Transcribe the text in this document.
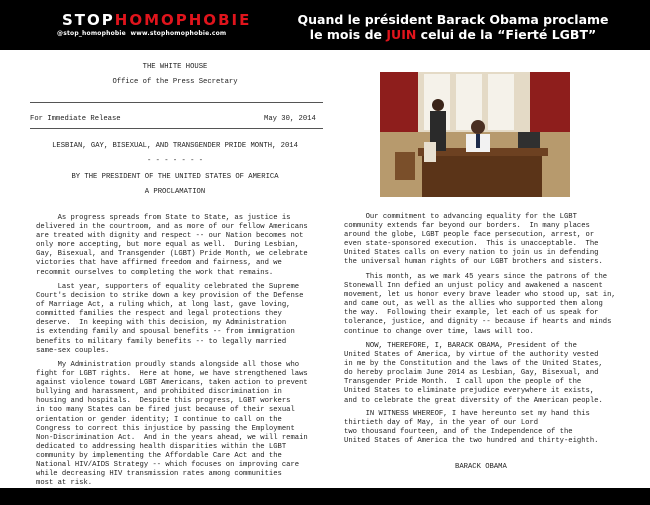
STOPHOMOPHOBIE
@stop_homophobie www.stophomophobie.com
Quand le président Barack Obama proclame le mois de JUIN celui de la “Fierté LGBT”
THE WHITE HOUSE
Office of the Press Secretary
For Immediate Release	May 30, 2014
LESBIAN, GAY, BISEXUAL, AND TRANSGENDER PRIDE MONTH, 2014
- - - - - - -
BY THE PRESIDENT OF THE UNITED STATES OF AMERICA
A PROCLAMATION
As progress spreads from State to State, as justice is
delivered in the courtroom, and as more of our fellow Americans
are treated with dignity and respect -- our Nation becomes not
only more accepting, but more equal as well.  During Lesbian,
Gay, Bisexual, and Transgender (LGBT) Pride Month, we celebrate
victories that have affirmed freedom and fairness, and we
recommit ourselves to completing the work that remains.
Last year, supporters of equality celebrated the Supreme
Court's decision to strike down a key provision of the Defense
of Marriage Act, a ruling which, at long last, gave loving,
committed families the respect and legal protections they
deserve.  In keeping with this decision, my Administration
is extending family and spousal benefits -- from immigration
benefits to military family benefits -- to legally married
same-sex couples.
My Administration proudly stands alongside all those who
fight for LGBT rights.  Here at home, we have strengthened laws
against violence toward LGBT Americans, taken action to prevent
bullying and harassment, and prohibited discrimination in
housing and hospitals.  Despite this progress, LGBT workers
in too many States can be fired just because of their sexual
orientation or gender identity; I continue to call on the
Congress to correct this injustice by passing the Employment
Non-Discrimination Act.  And in the years ahead, we will remain
dedicated to addressing health disparities within the LGBT
community by implementing the Affordable Care Act and the
National HIV/AIDS Strategy -- which focuses on improving care
while decreasing HIV transmission rates among communities
most at risk.
Our commitment to advancing equality for the LGBT
community extends far beyond our borders.  In many places
around the globe, LGBT people face persecution, arrest, or
even state-sponsored execution.  This is unacceptable.  The
United States calls on every nation to join us in defending
the universal human rights of our LGBT brothers and sisters.
This month, as we mark 45 years since the patrons of the
Stonewall Inn defied an unjust policy and awakened a nascent
movement, let us honor every brave leader who stood up, sat in,
and came out, as well as the allies who supported them along
the way.  Following their example, let each of us speak for
tolerance, justice, and dignity -- because if hearts and minds
continue to change over time, laws will too.
NOW, THEREFORE, I, BARACK OBAMA, President of the
United States of America, by virtue of the authority vested
in me by the Constitution and the laws of the United States,
do hereby proclaim June 2014 as Lesbian, Gay, Bisexual, and
Transgender Pride Month.  I call upon the people of the
United States to eliminate prejudice everywhere it exists,
and to celebrate the great diversity of the American people.
IN WITNESS WHEREOF, I have hereunto set my hand this
thirtieth day of May, in the year of our Lord
two thousand fourteen, and of the Independence of the
United States of America the two hundred and thirty-eighth.
BARACK OBAMA
